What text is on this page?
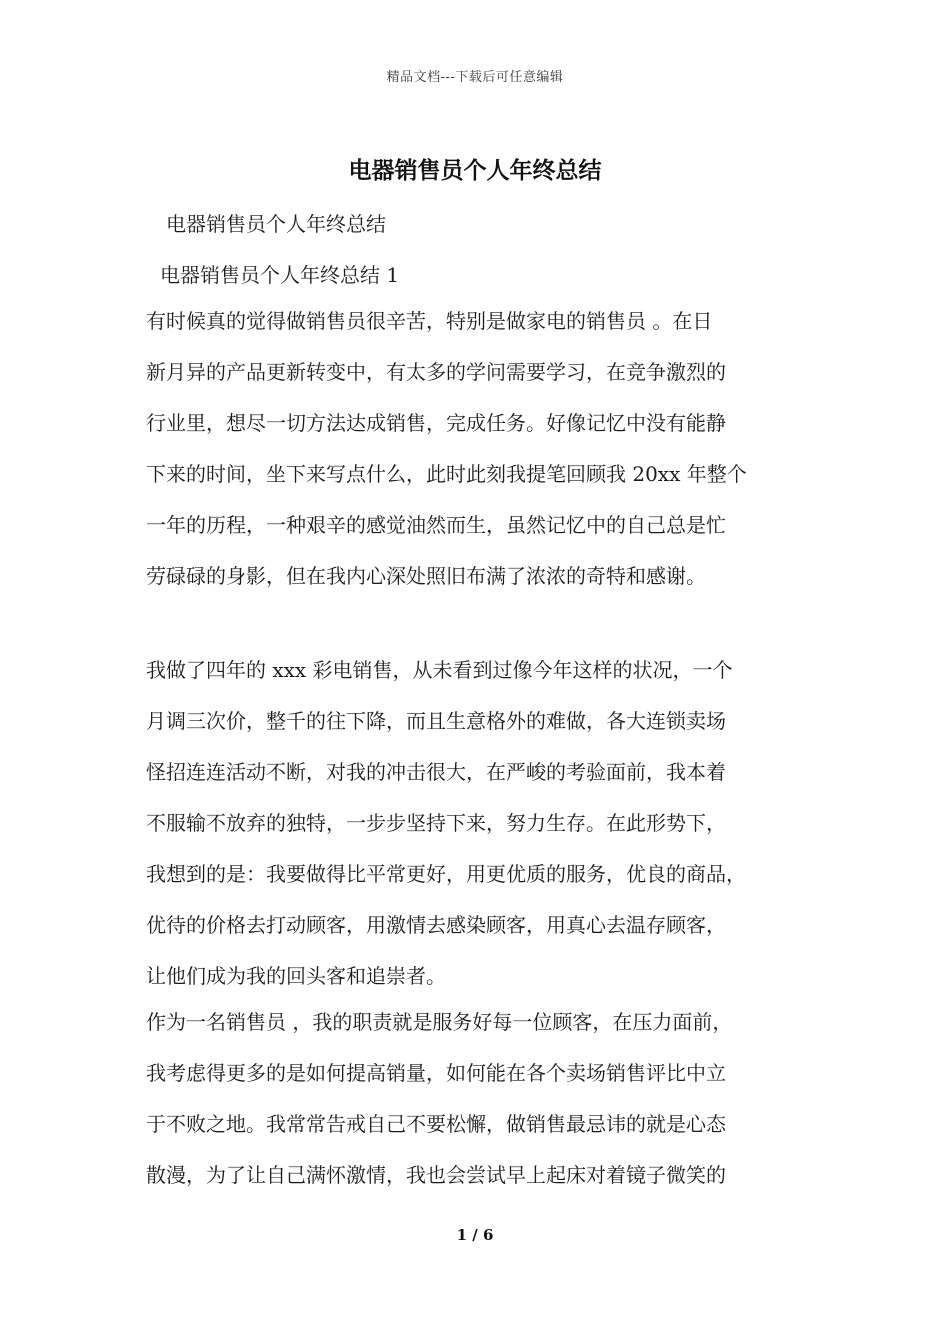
精品文档---下载后可任意编辑
电器销售员个人年终总结
电器销售员个人年终总结
电器销售员个人年终总结 1
有时候真的觉得做销售员很辛苦，特别是做家电的销售员 。在日
新月异的产品更新转变中，有太多的学问需要学习，在竞争激烈的
行业里，想尽一切方法达成销售，完成任务。好像记忆中没有能静
下来的时间，坐下来写点什么，此时此刻我提笔回顾我 20xx 年整个
一年的历程，一种艰辛的感觉油然而生，虽然记忆中的自己总是忙
劳碌碌的身影，但在我内心深处照旧布满了浓浓的奇特和感谢。
我做了四年的 xxx 彩电销售，从未看到过像今年这样的状况，一个
月调三次价，整千的往下降，而且生意格外的难做，各大连锁卖场
怪招连连活动不断，对我的冲击很大，在严峻的考验面前，我本着
不服输不放弃的独特，一步步坚持下来，努力生存。在此形势下，
我想到的是：我要做得比平常更好，用更优质的服务，优良的商品，
优待的价格去打动顾客，用激情去感染顾客，用真心去温存顾客，
让他们成为我的回头客和追崇者。
作为一名销售员 ，我的职责就是服务好每一位顾客，在压力面前，
我考虑得更多的是如何提高销量，如何能在各个卖场销售评比中立
于不败之地。我常常告戒自己不要松懈，做销售最忌讳的就是心态
散漫，为了让自己满怀激情，我也会尝试早上起床对着镜子微笑的
1 / 6
